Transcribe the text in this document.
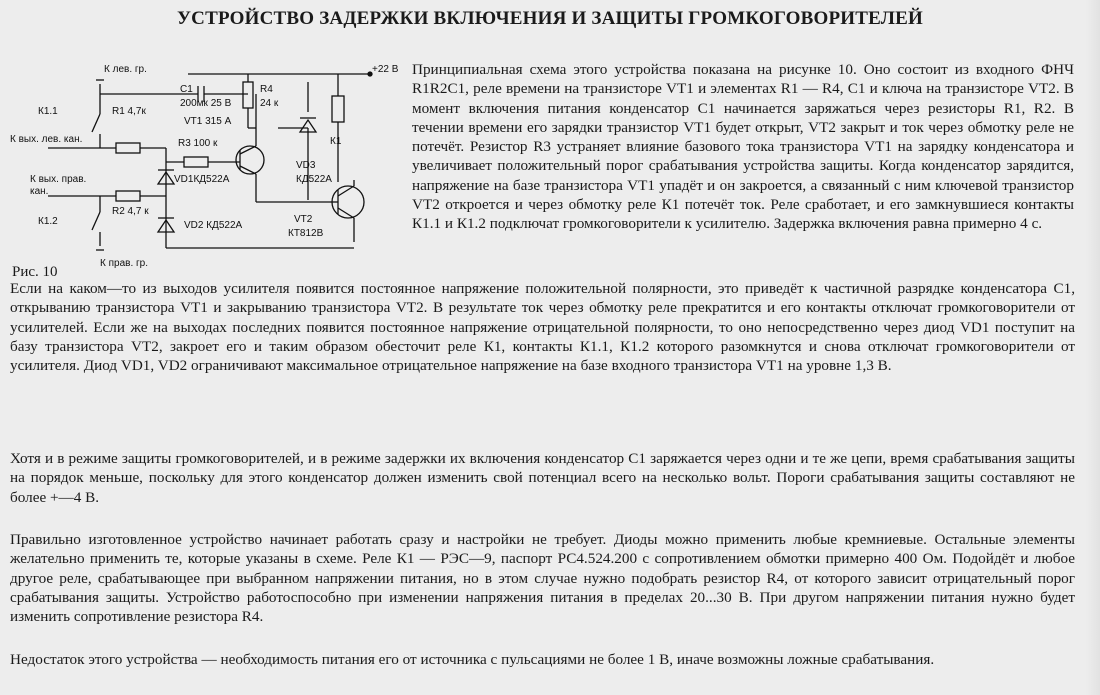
УСТРОЙСТВО ЗАДЕРЖКИ ВКЛЮЧЕНИЯ И ЗАЩИТЫ ГРОМКОГОВОРИТЕЛЕЙ
К лев. гр.
К1.1	R1 4,7к
К вых. лев. кан.
К вых. прав.
кан.
R2 4,7 к
К1.2
К прав. гр.
C1
200мк 25 В
R4
24 к
VT1 315 А
R3 100 к
VD1КД522А
VD2 КД522А
VD3
КД522А
VT2
КТ812В
К1
+22 В
Рис. 10

Принципиальная схема этого устройства показана на рисунке 10. Оно состоит из входного ФНЧ R1R2C1, реле времени на транзисторе VT1 и элементах R1 — R4, C1 и ключа на транзисторе VT2. В момент включения питания конденсатор С1 начинается заряжаться через резисторы R1, R2. В течении времени его зарядки транзистор VT1 будет открыт, VT2 закрыт и ток через обмотку реле не потечёт. Резистор R3 устраняет влияние базового тока транзистора VT1 на зарядку конденсатора и увеличивает положительный порог срабатывания устройства защиты. Когда конденсатор зарядится, напряжение на базе транзистора VT1 упадёт и он закроется, а связанный с ним ключевой транзистор VT2 откроется и через обмотку реле К1 потечёт ток. Реле сработает, и его замкнувшиеся контакты К1.1 и К1.2 подключат громкоговорители к усилителю. Задержка включения равна примерно 4 с.

Если на каком—то из выходов усилителя появится постоянное напряжение положительной полярности, это приведёт к частичной разрядке конденсатора С1, открыванию транзистора VT1 и закрыванию транзистора VT2. В результате ток через обмотку реле прекратится и его контакты отключат громкоговорители от усилителей. Если же на выходах последних появится постоянное напряжение отрицательной полярности, то оно непосредственно через диод VD1 поступит на базу транзистора VT2, закроет его и таким образом обесточит реле К1, контакты К1.1, К1.2 которого разомкнутся и снова отключат громкоговорители от усилителя. Диод VD1, VD2 ограничивают максимальное отрицательное напряжение на базе входного транзистора VT1 на уровне 1,3 В.

Хотя и в режиме защиты громкоговорителей, и в режиме задержки их включения конденсатор С1 заряжается через одни и те же цепи, время срабатывания защиты на порядок меньше, поскольку для этого конденсатор должен изменить свой потенциал всего на несколько вольт. Пороги срабатывания защиты составляют не более +—4 В.

Правильно изготовленное устройство начинает работать сразу и настройки не требует. Диоды можно применить любые кремниевые. Остальные элементы желательно применить те, которые указаны в схеме. Реле К1 — РЭС—9, паспорт РС4.524.200 с сопротивлением обмотки примерно 400 Ом. Подойдёт и любое другое реле, срабатывающее при выбранном напряжении питания, но в этом случае нужно подобрать резистор R4, от которого зависит отрицательный порог срабатывания защиты. Устройство работоспособно при изменении напряжения питания в пределах 20...30 В. При другом напряжении питания нужно будет изменить сопротивление резистора R4.

Недостаток этого устройства — необходимость питания его от источника с пульсациями не более 1 В, иначе возможны ложные срабатывания.
